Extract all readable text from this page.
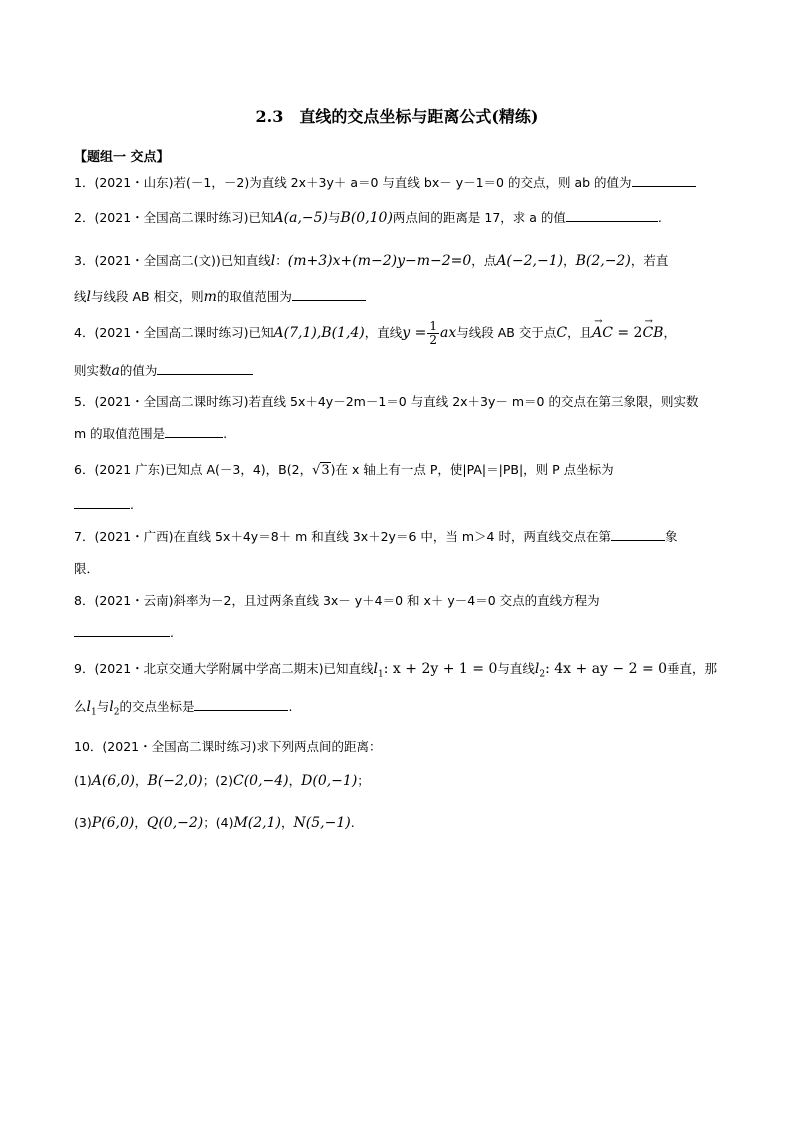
2.3　直线的交点坐标与距离公式(精练)
【题组一 交点】
1．(2021・山东)若(－1，－2)为直线 2x＋3y＋ a＝0 与直线 bx－ y－1＝0 的交点，则 ab 的值为
2．(2021・全国高二课时练习)已知A(a,−5)与B(0,10)两点间的距离是 17，求 a 的值	.
3．(2021・全国高二(文))已知直线l：(m+3)x+(m−2)y−m−2=0，点A(−2,−1)，B(2,−2)，若直
线l与线段 AB 相交，则m的取值范围为
4．(2021・全国高二课时练习)已知A(7,1),B(1,4)，直线$y = \frac{1}{2}$ ax与线段 AB 交于点C，且→ AC = 2→ CB，
则实数a的值为
5．(2021・全国高二课时练习)若直线 5x＋4y－2m－1＝0 与直线 2x＋3y－ m＝0 的交点在第三象限，则实数
m 的取值范围是	.
6．(2021 广东)已知点 A(－3，4)，B(2，√3)在 x 轴上有一点 P，使|PA|＝|PB|，则 P 点坐标为
.
7．(2021・广西)在直线 5x＋4y＝8＋ m 和直线 3x＋2y＝6 中，当 m＞4 时，两直线交点在第	象
限．
8．(2021・云南)斜率为－2，且过两条直线 3x－ y＋4＝0 和 x＋ y－4＝0 交点的直线方程为
.
9．(2021・北京交通大学附属中学高二期末)已知直线$l_1$: x + 2y + 1 = 0与直线$l_2$: 4x + ay − 2 = 0垂直，那
么$l_1$与$l_2$的交点坐标是	.
10．(2021・全国高二课时练习)求下列两点间的距离：
(1)A(6,0)，B(−2,0)；(2)C(0,−4)，D(0,−1)；
(3)P(6,0)，Q(0,−2)；(4)M(2,1)，N(5,−1).
